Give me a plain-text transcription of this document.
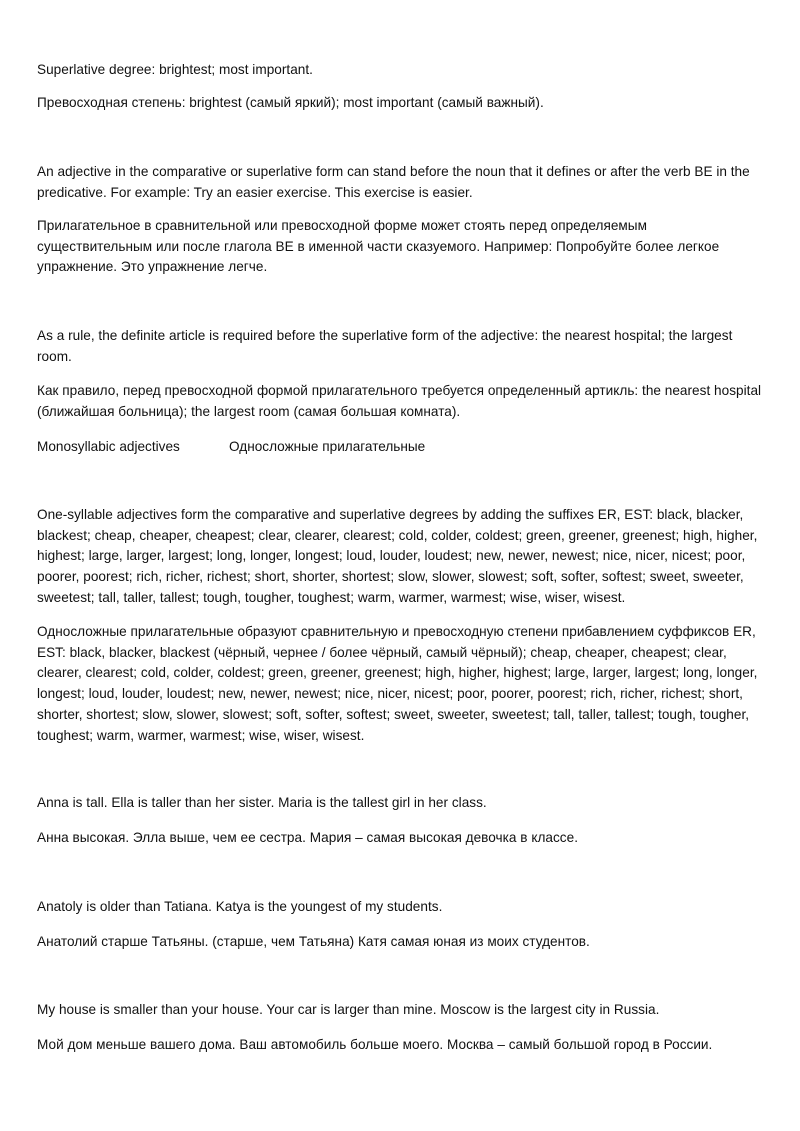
Superlative degree: brightest; most important.

Превосходная степень: brightest (самый яркий); most important (самый важный).

An adjective in the comparative or superlative form can stand before the noun that it defines or after the verb BE in the predicative. For example: Try an easier exercise. This exercise is easier.

Прилагательное в сравнительной или превосходной форме может стоять перед определяемым существительным или после глагола BE в именной части сказуемого. Например: Попробуйте более легкое упражнение. Это упражнение легче.

As a rule, the definite article is required before the superlative form of the adjective: the nearest hospital; the largest room.

Как правило, перед превосходной формой прилагательного требуется определенный артикль: the nearest hospital (ближайшая больница); the largest room (самая большая комната).

Monosyllabic adjectives	Односложные прилагательные

One-syllable adjectives form the comparative and superlative degrees by adding the suffixes ER, EST: black, blacker, blackest; cheap, cheaper, cheapest; clear, clearer, clearest; cold, colder, coldest; green, greener, greenest; high, higher, highest; large, larger, largest; long, longer, longest; loud, louder, loudest; new, newer, newest; nice, nicer, nicest; poor, poorer, poorest; rich, richer, richest; short, shorter, shortest; slow, slower, slowest; soft, softer, softest; sweet, sweeter, sweetest; tall, taller, tallest; tough, tougher, toughest; warm, warmer, warmest; wise, wiser, wisest.

Односложные прилагательные образуют сравнительную и превосходную степени прибавлением суффиксов ER, EST: black, blacker, blackest (чёрный, чернее / более чёрный, самый чёрный); cheap, cheaper, cheapest; clear, clearer, clearest; cold, colder, coldest; green, greener, greenest; high, higher, highest; large, larger, largest; long, longer, longest; loud, louder, loudest; new, newer, newest; nice, nicer, nicest; poor, poorer, poorest; rich, richer, richest; short, shorter, shortest; slow, slower, slowest; soft, softer, softest; sweet, sweeter, sweetest; tall, taller, tallest; tough, tougher, toughest; warm, warmer, warmest; wise, wiser, wisest.

Anna is tall. Ella is taller than her sister. Maria is the tallest girl in her class.

Анна высокая. Элла выше, чем ее сестра. Мария – самая высокая девочка в классе.

Anatoly is older than Tatiana. Katya is the youngest of my students.

Анатолий старше Татьяны. (старше, чем Татьяна) Катя самая юная из моих студентов.

My house is smaller than your house. Your car is larger than mine. Moscow is the largest city in Russia.

Мой дом меньше вашего дома. Ваш автомобиль больше моего. Москва – самый большой город в России.
